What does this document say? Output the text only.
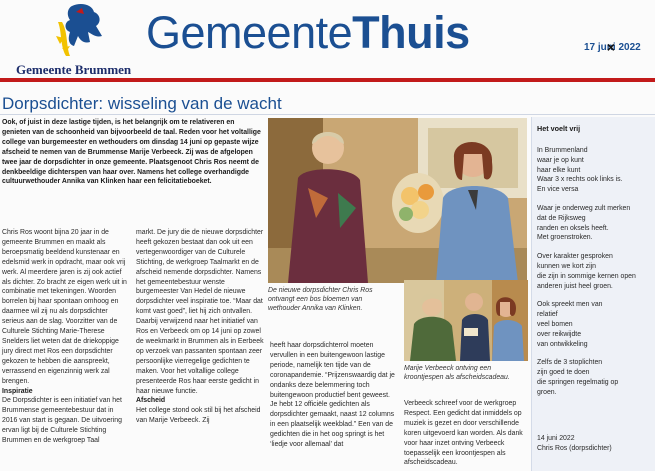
Gemeente Brummen
GemeenteThuis	17 jun ×i 2022
Dorpsdichter: wisseling van de wacht
Ook, of juist in deze lastige tijden, is het belangrijk om te relativeren en genieten van de schoonheid van bijvoorbeeld de taal. Reden voor het voltallige college van burgemeester en wethouders om dinsdag 14 juni op gepaste wijze afscheid te nemen van de Brummense Marije Verbeeck. Zij was de afgelopen twee jaar de dorpsdichter in onze gemeente. Plaatsgenoot Chris Ros neemt de denkbeeldige dichterspen van haar over. Namens het college overhandigde cultuurwethouder Annika van Klinken haar een felicitatieboeket.
Chris Ros woont bijna 20 jaar in de gemeente Brummen en maakt als beroepsmatig beeldend kunstenaar en edelsmid werk in opdracht, maar ook vrij werk. Al meerdere jaren is zij ook actief als dichter. Zo bracht ze eigen werk uit in combinatie met tekeningen. Woorden borrelen bij haar spontaan omhoog en daarmee wil zij nu als dorpsdichter serieus aan de slag. Voorzitter van de Culturele Stichting Marie-Therese Snelders liet weten dat de driekoppige jury direct met Ros een dorpsdichter gekozen te hebben die aanspreekt, verrassend en eigenzinnig werk zal brengen.
Inspiratie
De Dorpsdichter is een initiatief van het Brummense gemeentebestuur dat in 2016 van start is gegaan. De uitvoering ervan ligt bij de Culturele Stichting Brummen en de werkgroep Taal
markt. De jury die de nieuwe dorpsdichter heeft gekozen bestaat dan ook uit een vertegenwoordiger van de Culturele Stichting, de werkgroep Taalmarkt en de afscheid nemende dorpsdichter. Namens het gemeentebestuur wenste burgemeester Van Hedel de nieuwe dorpsdichter veel inspiratie toe. “Maar dat komt vast goed”, liet hij zich ontvallen. Daarbij verwijzend naar het initiatief van Ros en Verbeeck om op 14 juni op zowel de weekmarkt in Brummen als in Eerbeek op verzoek van passanten spontaan zeer persoonlijke vierregelige gedichten te maken. Voor het voltallige college presenteerde Ros haar eerste gedicht in haar nieuwe functie.
Afscheid
Het college stond ook stil bij het afscheid van Marije Verbeeck. Zij
De nieuwe dorpsdichter Chris Ros ontvangt een bos bloemen van wethouder Annika van Klinken.
Marije Verbeeck ontving een kroontjespen als afscheidscadeau.
heeft haar dorpsdichterrol moeten vervullen in een buitengewoon lastige periode, namelijk ten tijde van de coronapandemie. “Prijzenswaardig dat je ondanks deze belemmering toch buitengewoon productief bent geweest. Je hebt 12 officiële gedichten als dorpsdichter gemaakt, naast 12 columns in een plaatselijk weekblad.” Een van de gedichten die in het oog springt is het ‘liedje voor allemaal’ dat
Verbeeck schreef voor de werkgroep Respect. Een gedicht dat inmiddels op muziek is gezet en door verschillende koren uitgevoerd kan worden. Als dank voor haar inzet ontving Verbeeck toepasselijk een kroontjespen als afscheidscadeau.
Het voelt vrij
In Brummenland
waar je op kunt
haar elke kunt
Waar 3 x rechts ook links is.
En vice versa
Waar je onderweg zult merken
dat de Rijksweg
randen en oksels heeft.
Met groenstroken.
Over karakter gesproken
kunnen we kort zijn
die zijn in sommige kernen open
anderen juist heel groen.
Ook spreekt men van
relatief
veel bomen
over reikwijdte
van ontwikkeling
Zelfs de 3 stoplichten
zijn goed te doen
die springen regelmatig op
groen.
14 juni 2022
Chris Ros (dorpsdichter)
